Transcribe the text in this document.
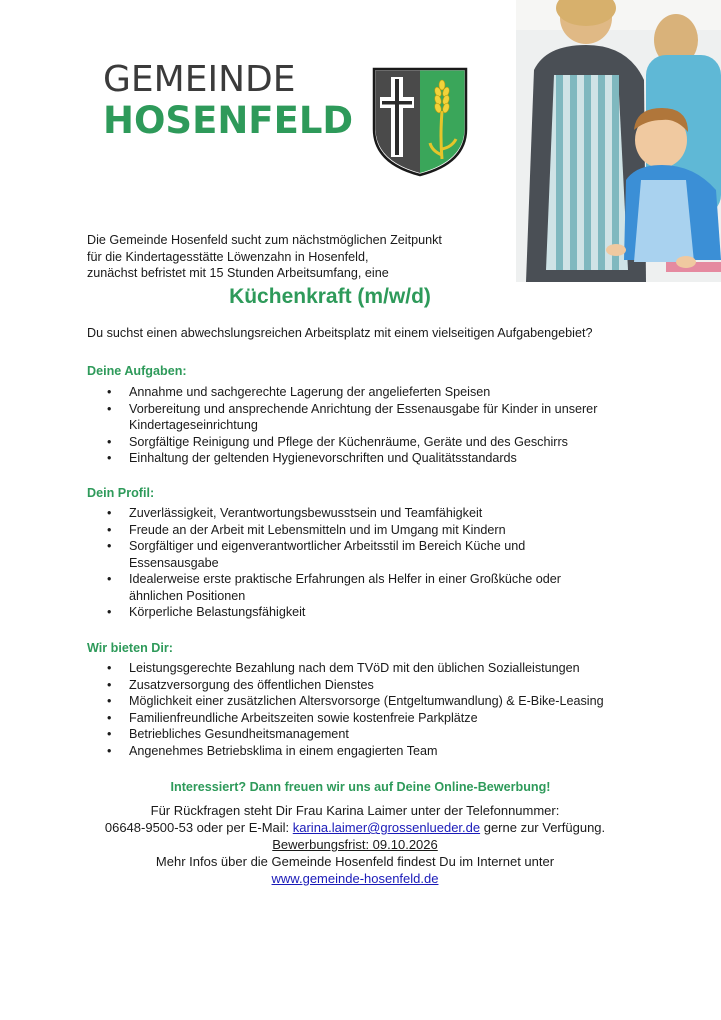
GEMEINDE
HOSENFELD
Die Gemeinde Hosenfeld sucht zum nächstmöglichen Zeitpunkt
für die Kindertagesstätte Löwenzahn in Hosenfeld,
zunächst befristet mit 15 Stunden Arbeitsumfang, eine
Küchenkraft (m/w/d)
Du suchst einen abwechslungsreichen Arbeitsplatz mit einem vielseitigen Aufgabengebiet?
Deine Aufgaben:
• Annahme und sachgerechte Lagerung der angelieferten Speisen
• Vorbereitung und ansprechende Anrichtung der Essenausgabe für Kinder in unserer
Kindertageseinrichtung
• Sorgfältige Reinigung und Pflege der Küchenräume, Geräte und des Geschirrs
• Einhaltung der geltenden Hygienevorschriften und Qualitätsstandards
Dein Profil:
• Zuverlässigkeit, Verantwortungsbewusstsein und Teamfähigkeit
• Freude an der Arbeit mit Lebensmitteln und im Umgang mit Kindern
• Sorgfältiger und eigenverantwortlicher Arbeitsstil im Bereich Küche und
Essensausgabe
• Idealerweise erste praktische Erfahrungen als Helfer in einer Großküche oder
ähnlichen Positionen
• Körperliche Belastungsfähigkeit
Wir bieten Dir:
• Leistungsgerechte Bezahlung nach dem TVöD mit den üblichen Sozialleistungen
• Zusatzversorgung des öffentlichen Dienstes
• Möglichkeit einer zusätzlichen Altersvorsorge (Entgeltumwandlung) & E-Bike-Leasing
• Familienfreundliche Arbeitszeiten sowie kostenfreie Parkplätze
• Betriebliches Gesundheitsmanagement
• Angenehmes Betriebsklima in einem engagierten Team
Interessiert? Dann freuen wir uns auf Deine Online-Bewerbung!
Für Rückfragen steht Dir Frau Karina Laimer unter der Telefonnummer:
06648-9500-53 oder per E-Mail: karina.laimer@grossenlueder.de gerne zur Verfügung.
Bewerbungsfrist: 09.10.2026
Mehr Infos über die Gemeinde Hosenfeld findest Du im Internet unter
www.gemeinde-hosenfeld.de
